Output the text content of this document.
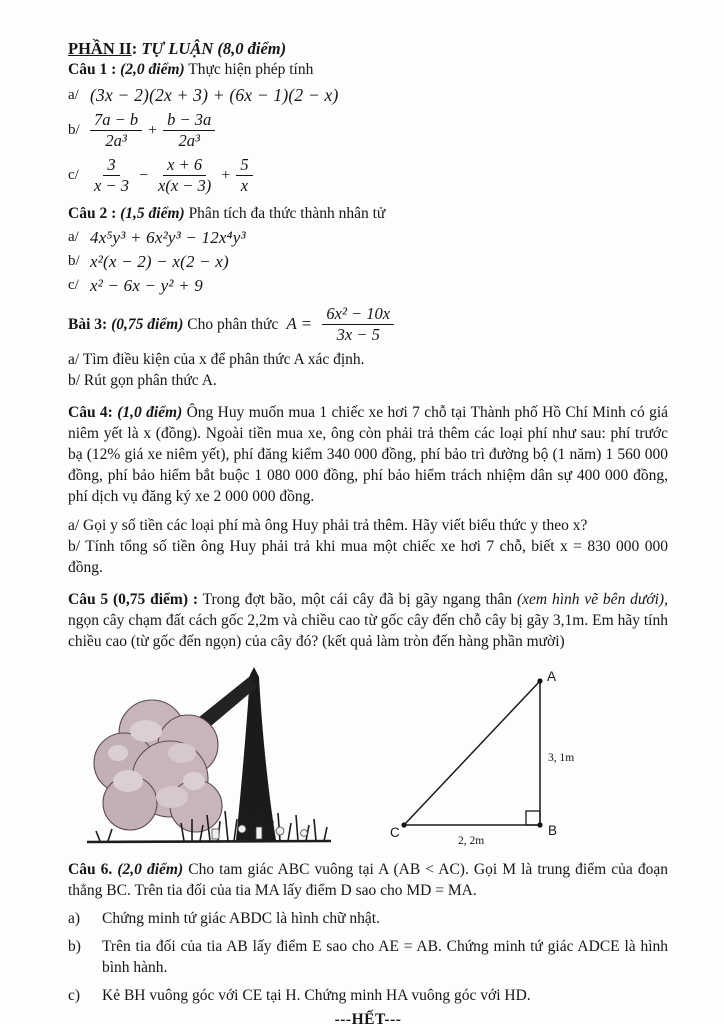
PHẦN II: TỰ LUẬN (8,0 điểm)
Câu 1 : (2,0 điểm) Thực hiện phép tính
a/ (3x − 2)(2x + 3) + (6x − 1)(2 − x)
$b/ \frac{7a - b}{\text{2a³}} + \frac{b - 3a}{\text{2a³}}$
$c/ \frac{3}{x - 3} - \frac{x + 6}{x(x - 3)} + \frac{5}{x}$
Câu 2 : (1,5 điểm) Phân tích đa thức thành nhân tử
a/ 4x⁵y³ + 6x²y³ − 12x⁴y³
b/ x²(x − 2) − x(2 − x)
c/ x² − 6x − y² + 9
Bài 3: (0,75 điểm) Cho phân thức $A = \frac{\text{6x² − 10x}}{3x - 5}$
a/ Tìm điều kiện của x để phân thức A xác định.
b/ Rút gọn phân thức A.
Câu 4: (1,0 điểm) Ông Huy muốn mua 1 chiếc xe hơi 7 chỗ tại Thành phố Hồ Chí Minh có giá niêm yết là x (đồng). Ngoài tiền mua xe, ông còn phải trả thêm các loại phí như sau: phí trước bạ (12% giá xe niêm yết), phí đăng kiểm 340 000 đồng, phí bảo trì đường bộ (1 năm) 1 560 000 đồng, phí bảo hiểm bắt buộc 1 080 000 đồng, phí bảo hiểm trách nhiệm dân sự 400 000 đồng, phí dịch vụ đăng ký xe 2 000 000 đồng.
a/ Gọi y số tiền các loại phí mà ông Huy phải trả thêm. Hãy viết biểu thức y theo x?
b/ Tính tổng số tiền ông Huy phải trả khi mua một chiếc xe hơi 7 chỗ, biết x = 830 000 000 đồng.
Câu 5 (0,75 điểm) : Trong đợt bão, một cái cây đã bị gãy ngang thân (xem hình vẽ bên dưới), ngọn cây chạm đất cách gốc 2,2m và chiều cao từ gốc cây đến chỗ cây bị gãy 3,1m. Em hãy tính chiều cao (từ gốc đến ngọn) của cây đó? (kết quả làm tròn đến hàng phần mười)
A
B
C
3, 1m
2, 2m
Câu 6. (2,0 điểm) Cho tam giác ABC vuông tại A (AB < AC). Gọi M là trung điểm của đoạn thẳng BC. Trên tia đối của tia MA lấy điểm D sao cho MD = MA.
a)	Chứng minh tứ giác ABDC là hình chữ nhật.
b)	Trên tia đối của tia AB lấy điểm E sao cho AE = AB. Chứng minh tứ giác ADCE là hình bình hành.
c)	Kẻ BH vuông góc với CE tại H. Chứng minh HA vuông góc với HD.
---HẾT---
